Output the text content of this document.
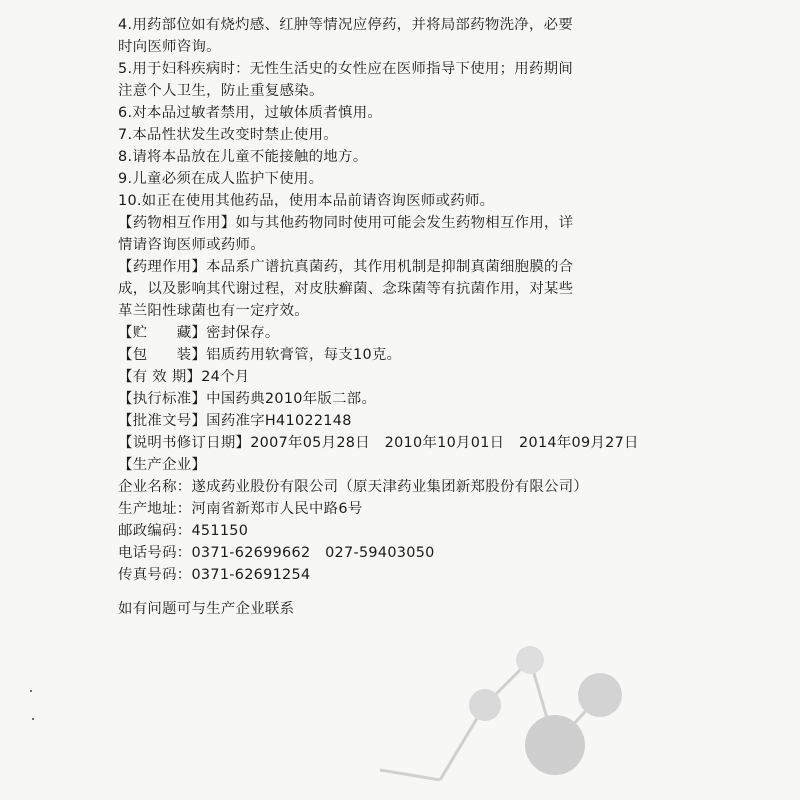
4.用药部位如有烧灼感、红肿等情况应停药，并将局部药物洗净，必要
时向医师咨询。
5.用于妇科疾病时：无性生活史的女性应在医师指导下使用；用药期间
注意个人卫生，防止重复感染。
6.对本品过敏者禁用，过敏体质者慎用。
7.本品性状发生改变时禁止使用。
8.请将本品放在儿童不能接触的地方。
9.儿童必须在成人监护下使用。
10.如正在使用其他药品，使用本品前请咨询医师或药师。
【药物相互作用】如与其他药物同时使用可能会发生药物相互作用，详
情请咨询医师或药师。
【药理作用】本品系广谱抗真菌药，其作用机制是抑制真菌细胞膜的合
成，以及影响其代谢过程，对皮肤癣菌、念珠菌等有抗菌作用，对某些
革兰阳性球菌也有一定疗效。
【贮　　藏】密封保存。
【包　　装】铝质药用软膏管，每支10克。
【有 效 期】24个月
【执行标准】中国药典2010年版二部。
【批准文号】国药准字H41022148
【说明书修订日期】2007年05月28日　2010年10月01日　2014年09月27日
【生产企业】
企业名称：遂成药业股份有限公司（原天津药业集团新郑股份有限公司）
生产地址：河南省新郑市人民中路6号
邮政编码：451150
电话号码：0371-62699662　027-59403050
传真号码：0371-62691254
如有问题可与生产企业联系
